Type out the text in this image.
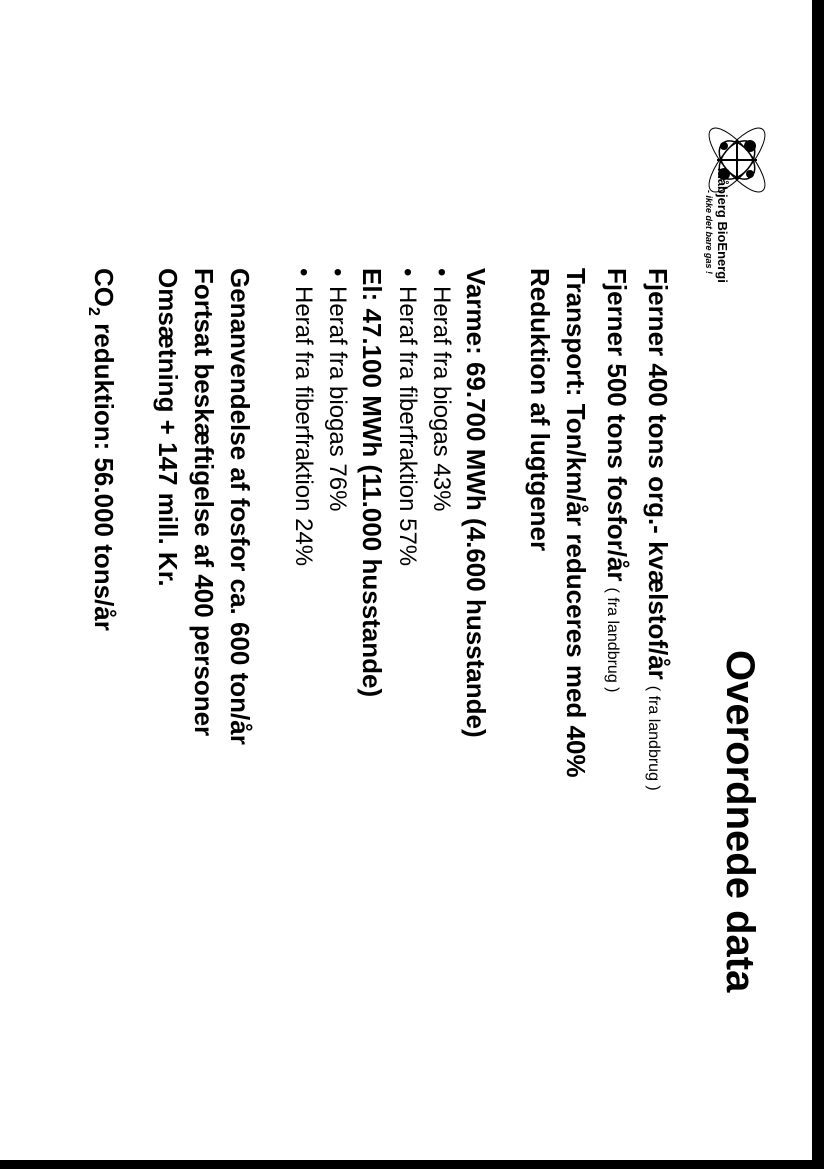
Måbjerg BioEnergi
- ikke det bare gas !
Overordnede data
Fjerner 400 tons org.- kvælstof/år( fra landbrug )
Fjerner 500 tons fosfor/år( fra landbrug )
Transport: Ton/km/år reduceres med 40%
Reduktion af lugtgener
Varme: 69.700 MWh (4.600 husstande)
•Heraf fra biogas 43%
•Heraf fra fiberfraktion 57%
El: 47.100 MWh (11.000 husstande)
•Heraf fra biogas 76%
•Heraf fra fiberfraktion 24%
Genanvendelse af fosfor ca. 600 ton/år
Fortsat beskæftigelse af 400 personer
Omsætning + 147 mill. Kr.
$CO_2$ reduktion: 56.000 tons/år
